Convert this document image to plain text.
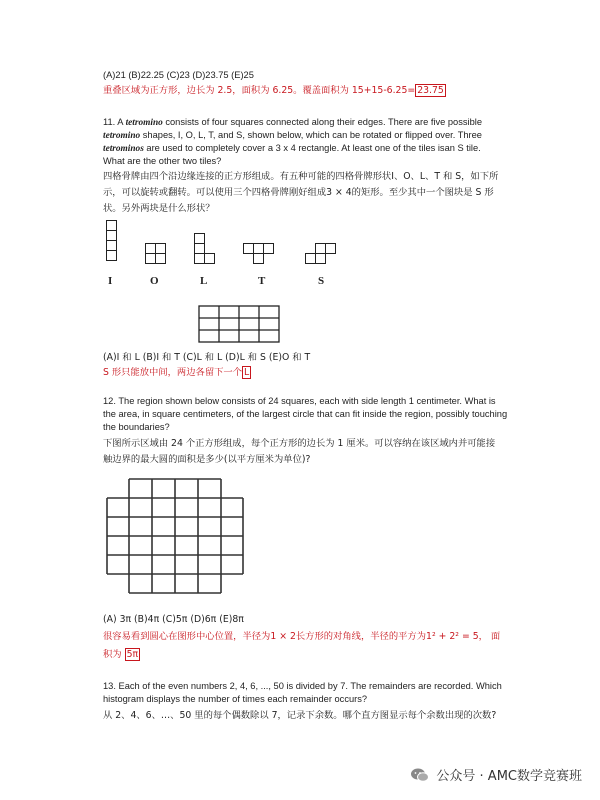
(A)21 (B)22.25 (C)23 (D)23.75 (E)25
重叠区域为正方形，边长为 2.5，面积为 6.25。覆盖面积为 15+15-6.25= 23.75
11. A tetromino consists of four squares connected along their edges. There are five possible
tetromino shapes, I, O, L, T, and S, shown below, which can be rotated or flipped over. Three
tetrominos are used to completely cover a 3 x 4 rectangle. At least one of the tiles isan S tile.
What are the other two tiles?
四格骨牌由四个沿边缘连接的正方形组成。有五种可能的四格骨牌形状I、O、L、T 和 S，如下所
示，可以旋转或翻转。可以使用三个四格骨牌刚好组成3 × 4的矩形。至少其中一个图块是 S 形
状。另外两块是什么形状？
I	O	L	T	S
(A)I 和 L (B)I 和 T (C)L 和 L (D)L 和 S (E)O 和 T
S 形只能放中间，两边各留下一个 L
12. The region shown below consists of 24 squares, each with side length 1 centimeter. What is
the area, in square centimeters, of the largest circle that can fit inside the region, possibly touching
the boundaries?
下图所示区域由 24 个正方形组成，每个正方形的边长为 1 厘米。可以容纳在该区域内并可能接
触边界的最大圆的面积是多少(以平方厘米为单位)?
(A) 3π (B)4π (C)5π (D)6π (E)8π
很容易看到圆心在图形中心位置，半径为1 × 2长方形的对角线，半径的平方为1² + 2² = 5， 面
积为 5π
13. Each of the even numbers 2, 4, 6, ..., 50 is divided by 7. The remainders are recorded. Which
histogram displays the number of times each remainder occurs?
从 2、4、6、…、50 里的每个偶数除以 7，记录下余数。哪个直方图显示每个余数出现的次数?
公众号 · AMC数学竞赛班
